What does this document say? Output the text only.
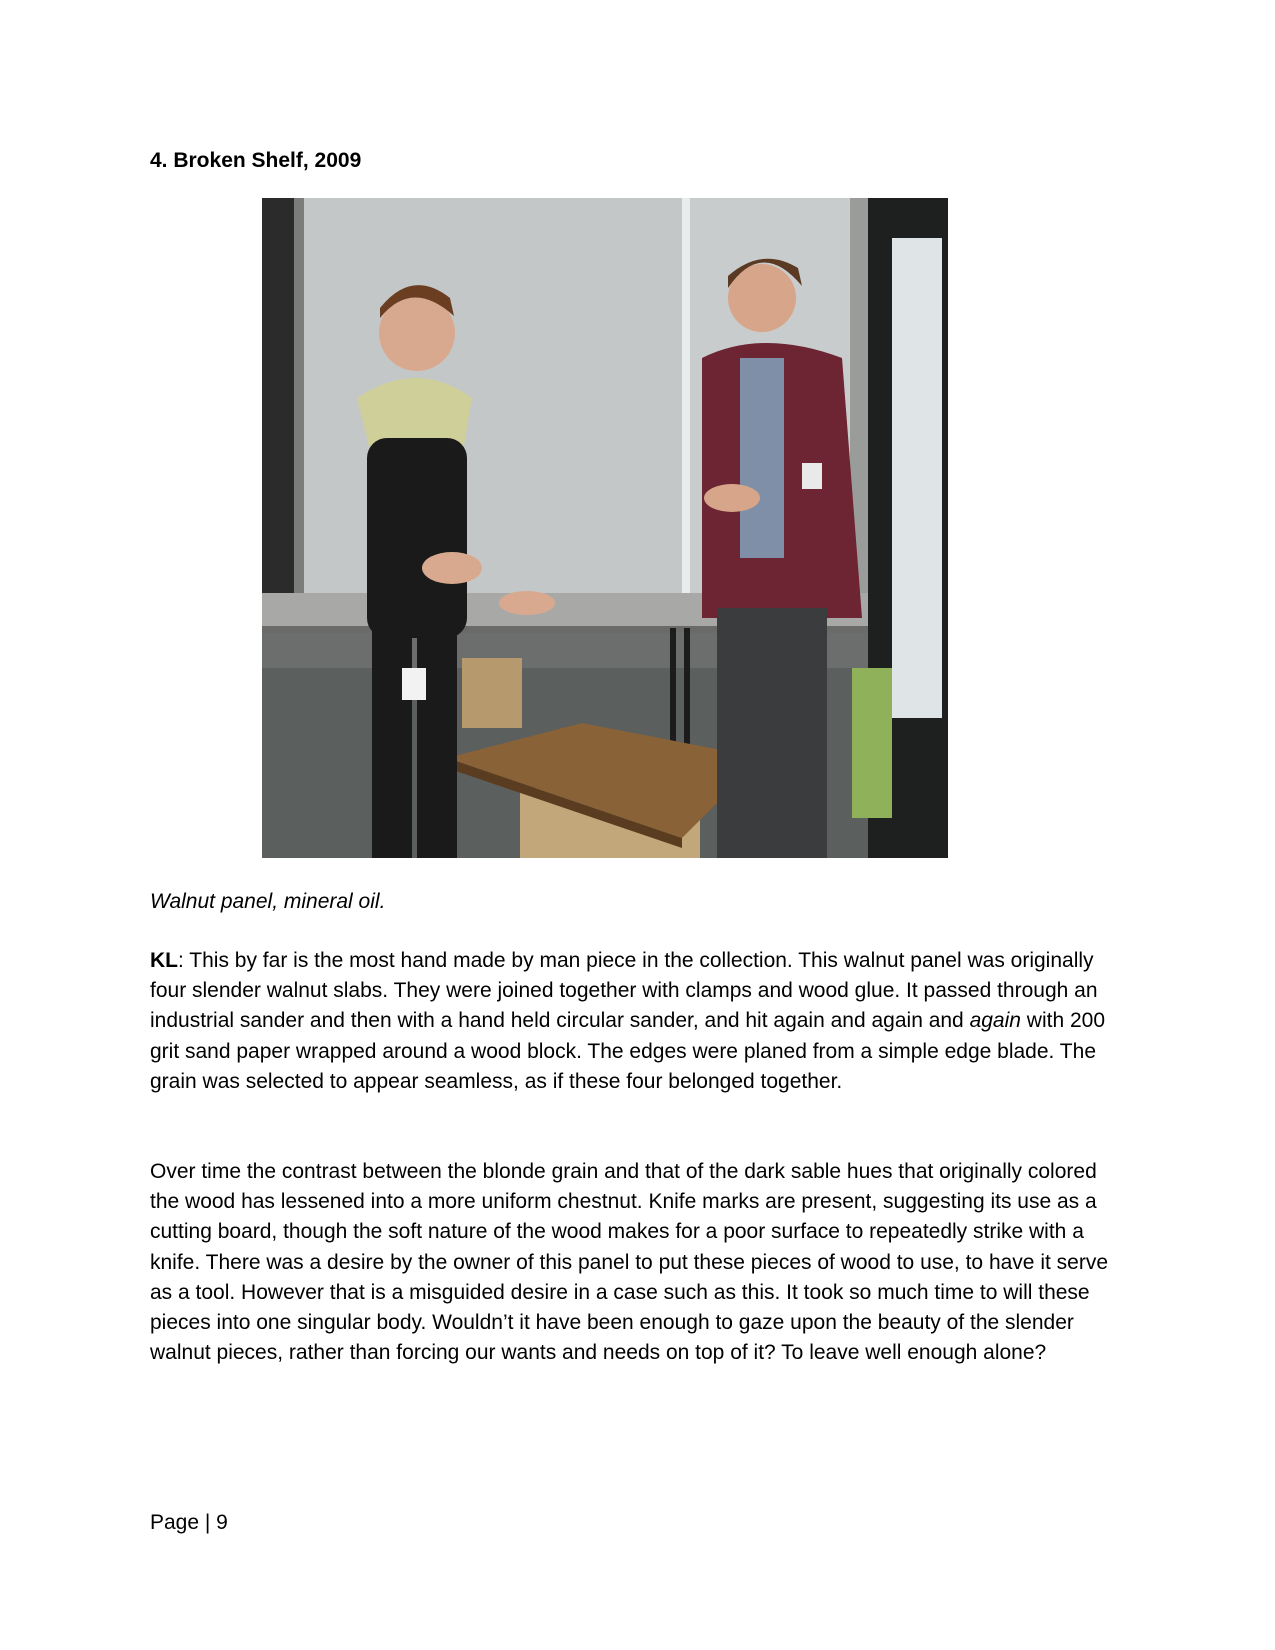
4. Broken Shelf, 2009

Walnut panel, mineral oil.

KL: This by far is the most hand made by man piece in the collection. This walnut panel was originally four slender walnut slabs. They were joined together with clamps and wood glue. It passed through an industrial sander and then with a hand held circular sander, and hit again and again and again with 200 grit sand paper wrapped around a wood block. The edges were planed from a simple edge blade. The grain was selected to appear seamless, as if these four belonged together.

Over time the contrast between the blonde grain and that of the dark sable hues that originally colored the wood has lessened into a more uniform chestnut. Knife marks are present, suggesting its use as a cutting board, though the soft nature of the wood makes for a poor surface to repeatedly strike with a knife. There was a desire by the owner of this panel to put these pieces of wood to use, to have it serve as a tool. However that is a misguided desire in a case such as this. It took so much time to will these pieces into one singular body. Wouldn’t it have been enough to gaze upon the beauty of the slender walnut pieces, rather than forcing our wants and needs on top of it? To leave well enough alone?

Page | 9
